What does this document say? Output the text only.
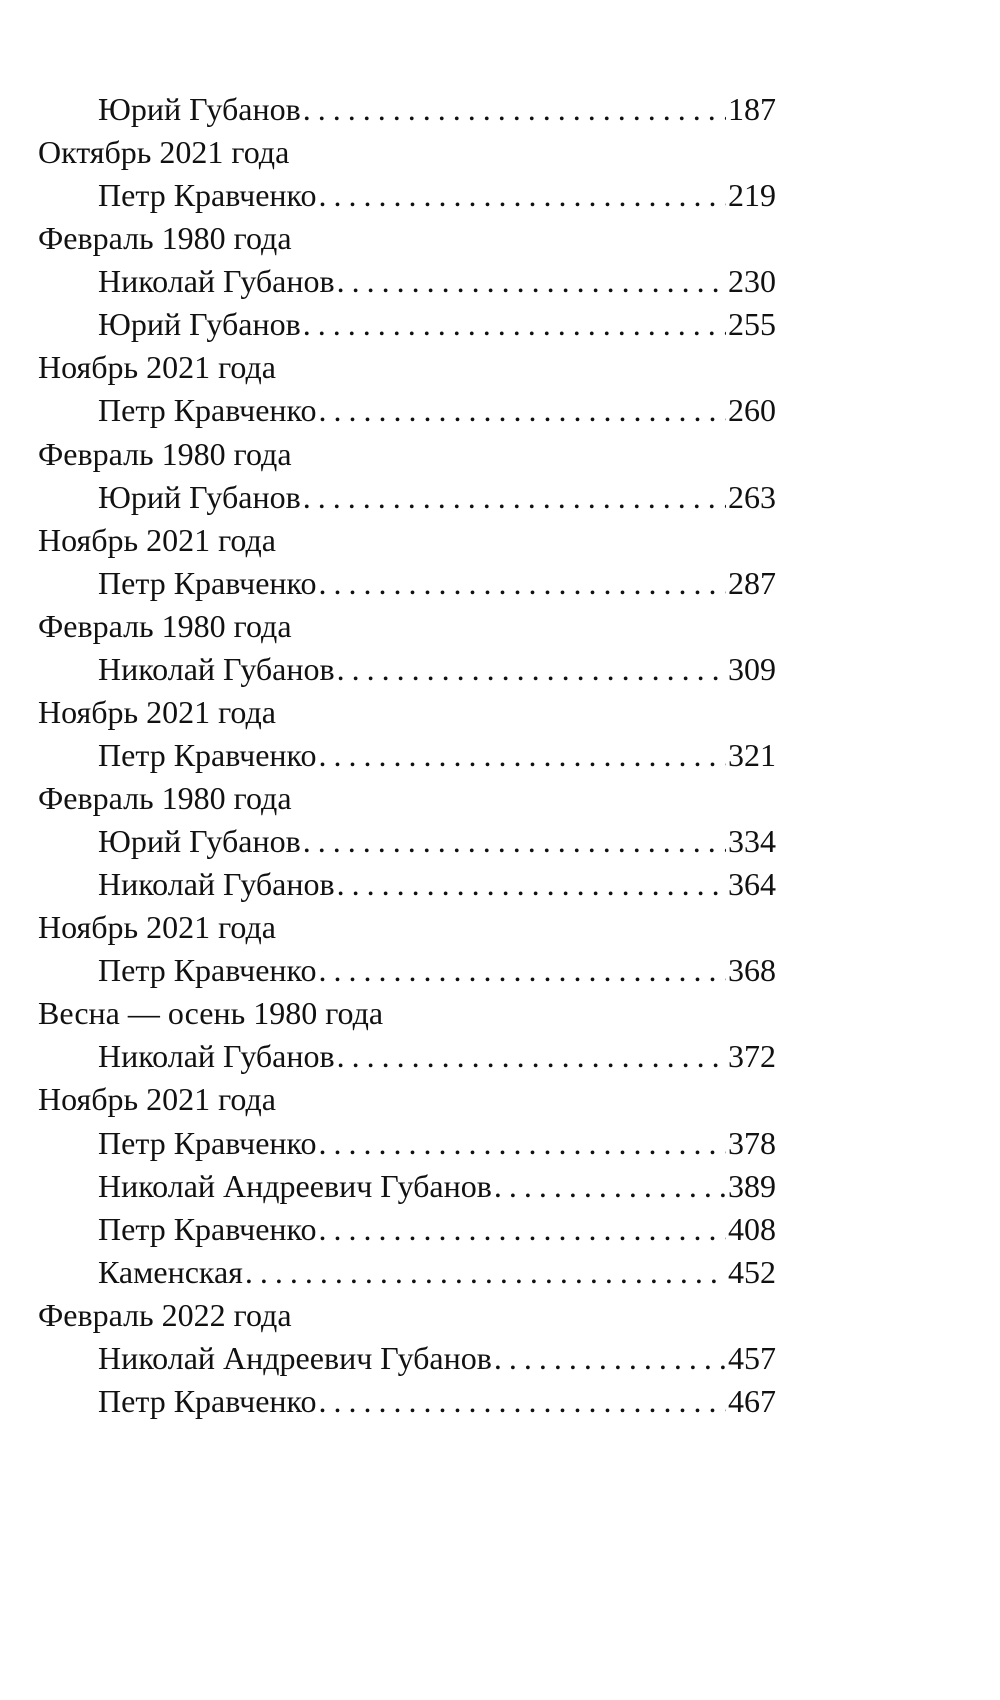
Юрий Губанов . . .	187
Октябрь 2021 года
Петр Кравченко . . .	219
Февраль 1980 года
Николай Губанов . . .	230
Юрий Губанов . . .	255
Ноябрь 2021 года
Петр Кравченко . . .	260
Февраль 1980 года
Юрий Губанов . . .	263
Ноябрь 2021 года
Петр Кравченко . . .	287
Февраль 1980 года
Николай Губанов . . .	309
Ноябрь 2021 года
Петр Кравченко . . .	321
Февраль 1980 года
Юрий Губанов . . .	334
Николай Губанов . . .	364
Ноябрь 2021 года
Петр Кравченко . . .	368
Весна — осень 1980 года
Николай Губанов . . .	372
Ноябрь 2021 года
Петр Кравченко . . .	378
Николай Андреевич Губанов . . .	389
Петр Кравченко . . .	408
Каменская . . .	452
Февраль 2022 года
Николай Андреевич Губанов . . .	457
Петр Кравченко . . .	467
